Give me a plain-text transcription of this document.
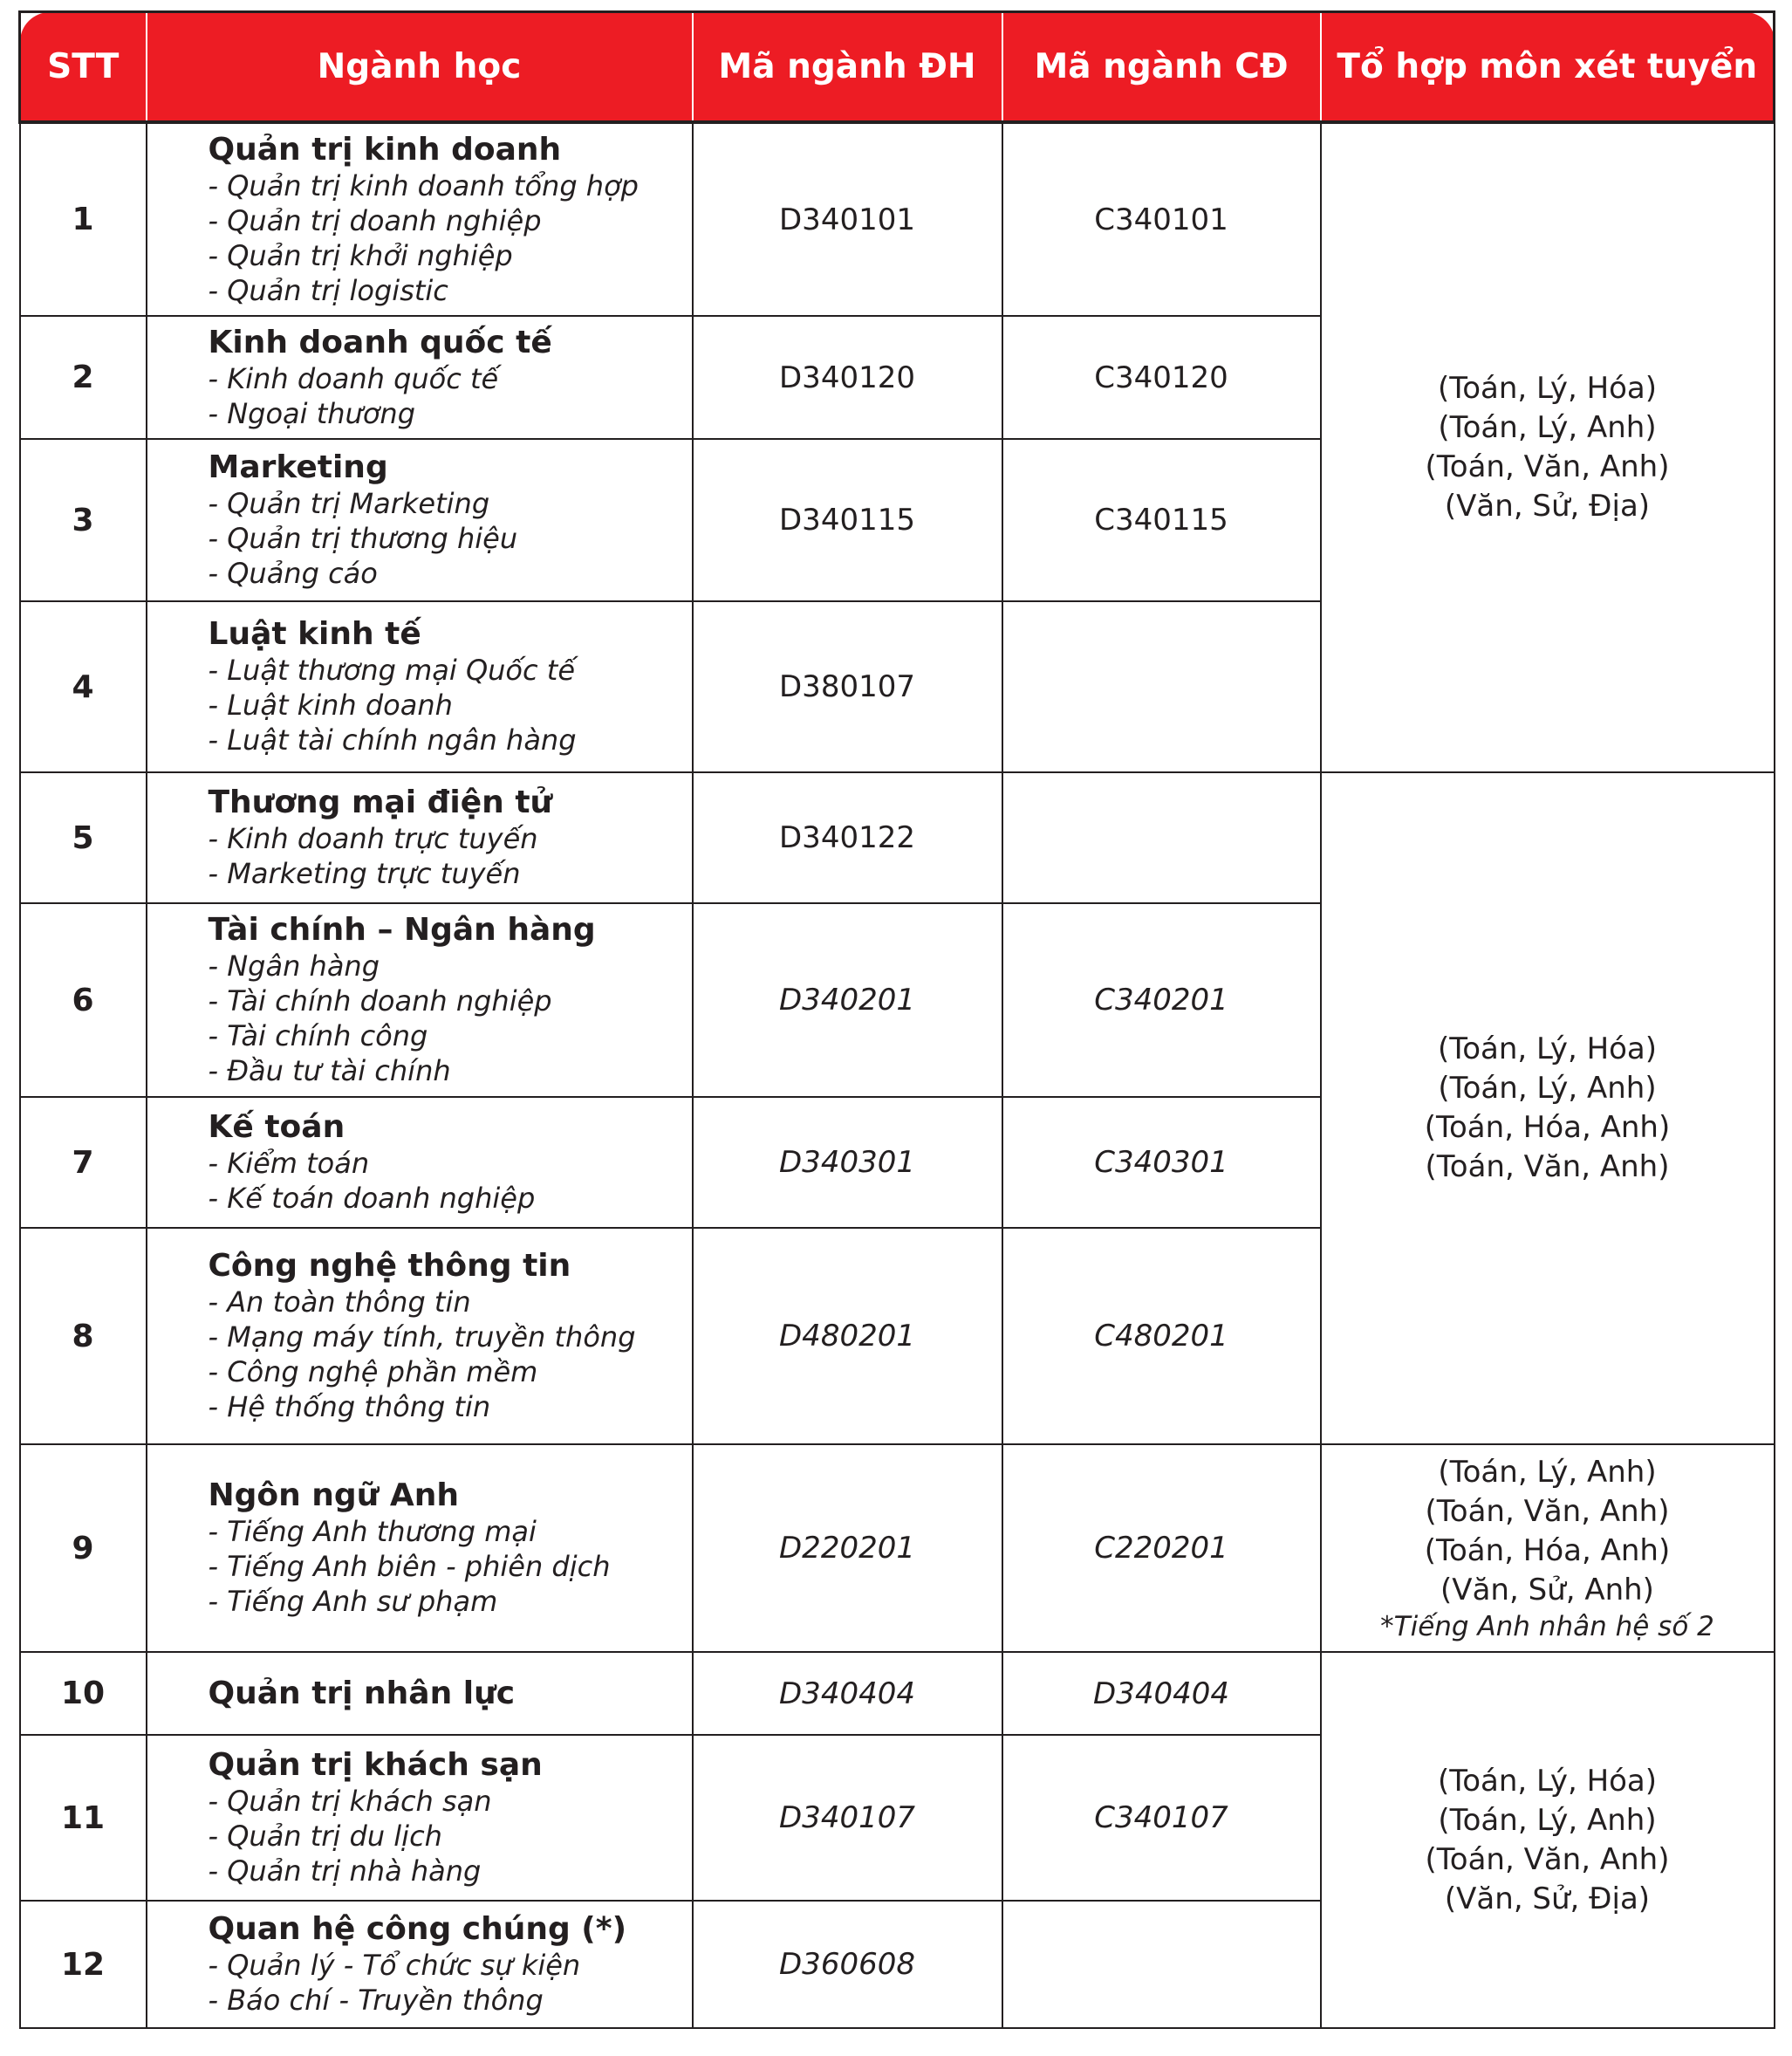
STT	Ngành học	Mã ngành ĐH	Mã ngành CĐ	Tổ hợp môn xét tuyển
1	Quản trị kinh doanh
- Quản trị kinh doanh tổng hợp
- Quản trị doanh nghiệp
- Quản trị khởi nghiệp
- Quản trị logistic	D340101	C340101	(Toán, Lý, Hóa)
(Toán, Lý, Anh)
(Toán, Văn, Anh)
(Văn, Sử, Địa)

2	Kinh doanh quốc tế
- Kinh doanh quốc tế
- Ngoại thương	D340120	C340120	
3	Marketing
- Quản trị Marketing
- Quản trị thương hiệu
- Quảng cáo	D340115	C340115	
4	Luật kinh tế
- Luật thương mại Quốc tế
- Luật kinh doanh
- Luật tài chính ngân hàng	D380107		
5	Thương mại điện tử
- Kinh doanh trực tuyến
- Marketing trực tuyến	D340122		(Toán, Lý, Hóa)
(Toán, Lý, Anh)
(Toán, Hóa, Anh)
(Toán, Văn, Anh)

6	Tài chính – Ngân hàng
- Ngân hàng
- Tài chính doanh nghiệp
- Tài chính công
- Đầu tư tài chính	D340201	C340201	
7	Kế toán
- Kiểm toán
- Kế toán doanh nghiệp	D340301	C340301	
8	Công nghệ thông tin
- An toàn thông tin
- Mạng máy tính, truyền thông
- Công nghệ phần mềm
- Hệ thống thông tin	D480201	C480201	
9	Ngôn ngữ Anh
- Tiếng Anh thương mại
- Tiếng Anh biên - phiên dịch
- Tiếng Anh sư phạm	D220201	C220201	(Toán, Lý, Anh)
(Toán, Văn, Anh)
(Toán, Hóa, Anh)
(Văn, Sử, Anh)
*Tiếng Anh nhân hệ số 2

10	Quản trị nhân lực	D340404	D340404	(Toán, Lý, Hóa)
(Toán, Lý, Anh)
(Toán, Văn, Anh)
(Văn, Sử, Địa)

11	Quản trị khách sạn
- Quản trị khách sạn
- Quản trị du lịch
- Quản trị nhà hàng	D340107	C340107	
12	Quan hệ công chúng (*)
- Quản lý - Tổ chức sự kiện
- Báo chí - Truyền thông	D360608		
